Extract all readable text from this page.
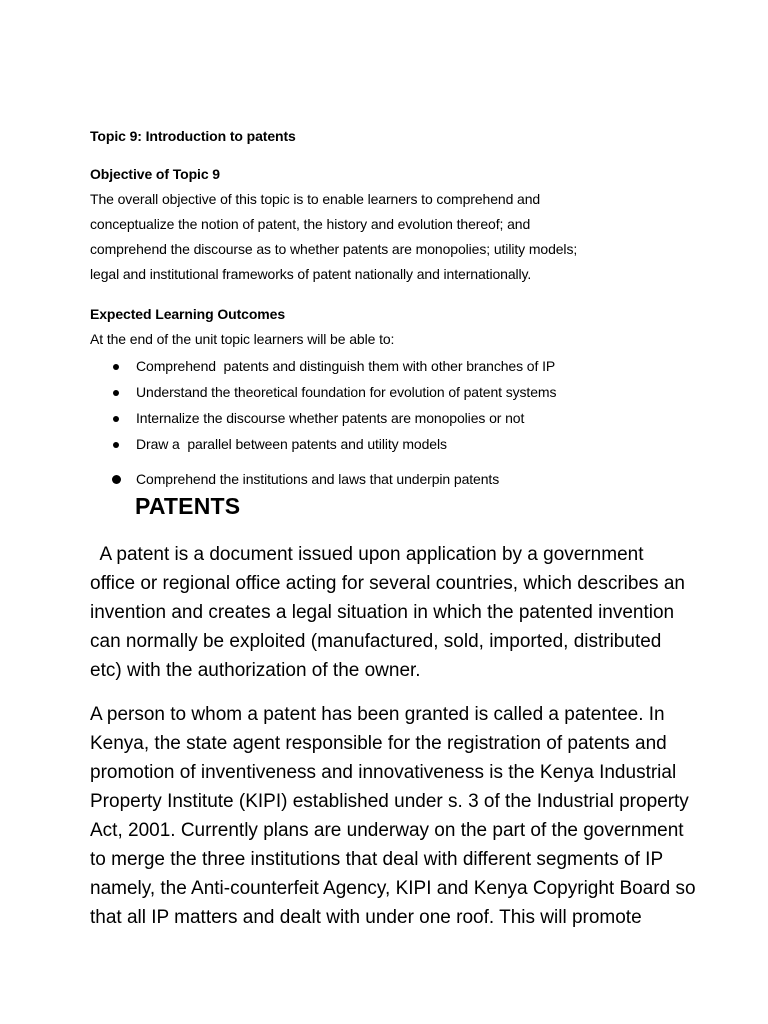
Topic 9: Introduction to patents
Objective of Topic 9
The overall objective of this topic is to enable learners to comprehend and
conceptualize the notion of patent, the history and evolution thereof; and
comprehend the discourse as to whether patents are monopolies; utility models;
legal and institutional frameworks of patent nationally and internationally.
Expected Learning Outcomes
At the end of the unit topic learners will be able to:
Comprehend  patents and distinguish them with other branches of IP
Understand the theoretical foundation for evolution of patent systems
Internalize the discourse whether patents are monopolies or not
Draw a  parallel between patents and utility models
Comprehend the institutions and laws that underpin patents
PATENTS
A patent is a document issued upon application by a government
office or regional office acting for several countries, which describes an
invention and creates a legal situation in which the patented invention
can normally be exploited (manufactured, sold, imported, distributed
etc) with the authorization of the owner.
A person to whom a patent has been granted is called a patentee. In
Kenya, the state agent responsible for the registration of patents and
promotion of inventiveness and innovativeness is the Kenya Industrial
Property Institute (KIPI) established under s. 3 of the Industrial property
Act, 2001. Currently plans are underway on the part of the government
to merge the three institutions that deal with different segments of IP
namely, the Anti-counterfeit Agency, KIPI and Kenya Copyright Board so
that all IP matters and dealt with under one roof. This will promote
